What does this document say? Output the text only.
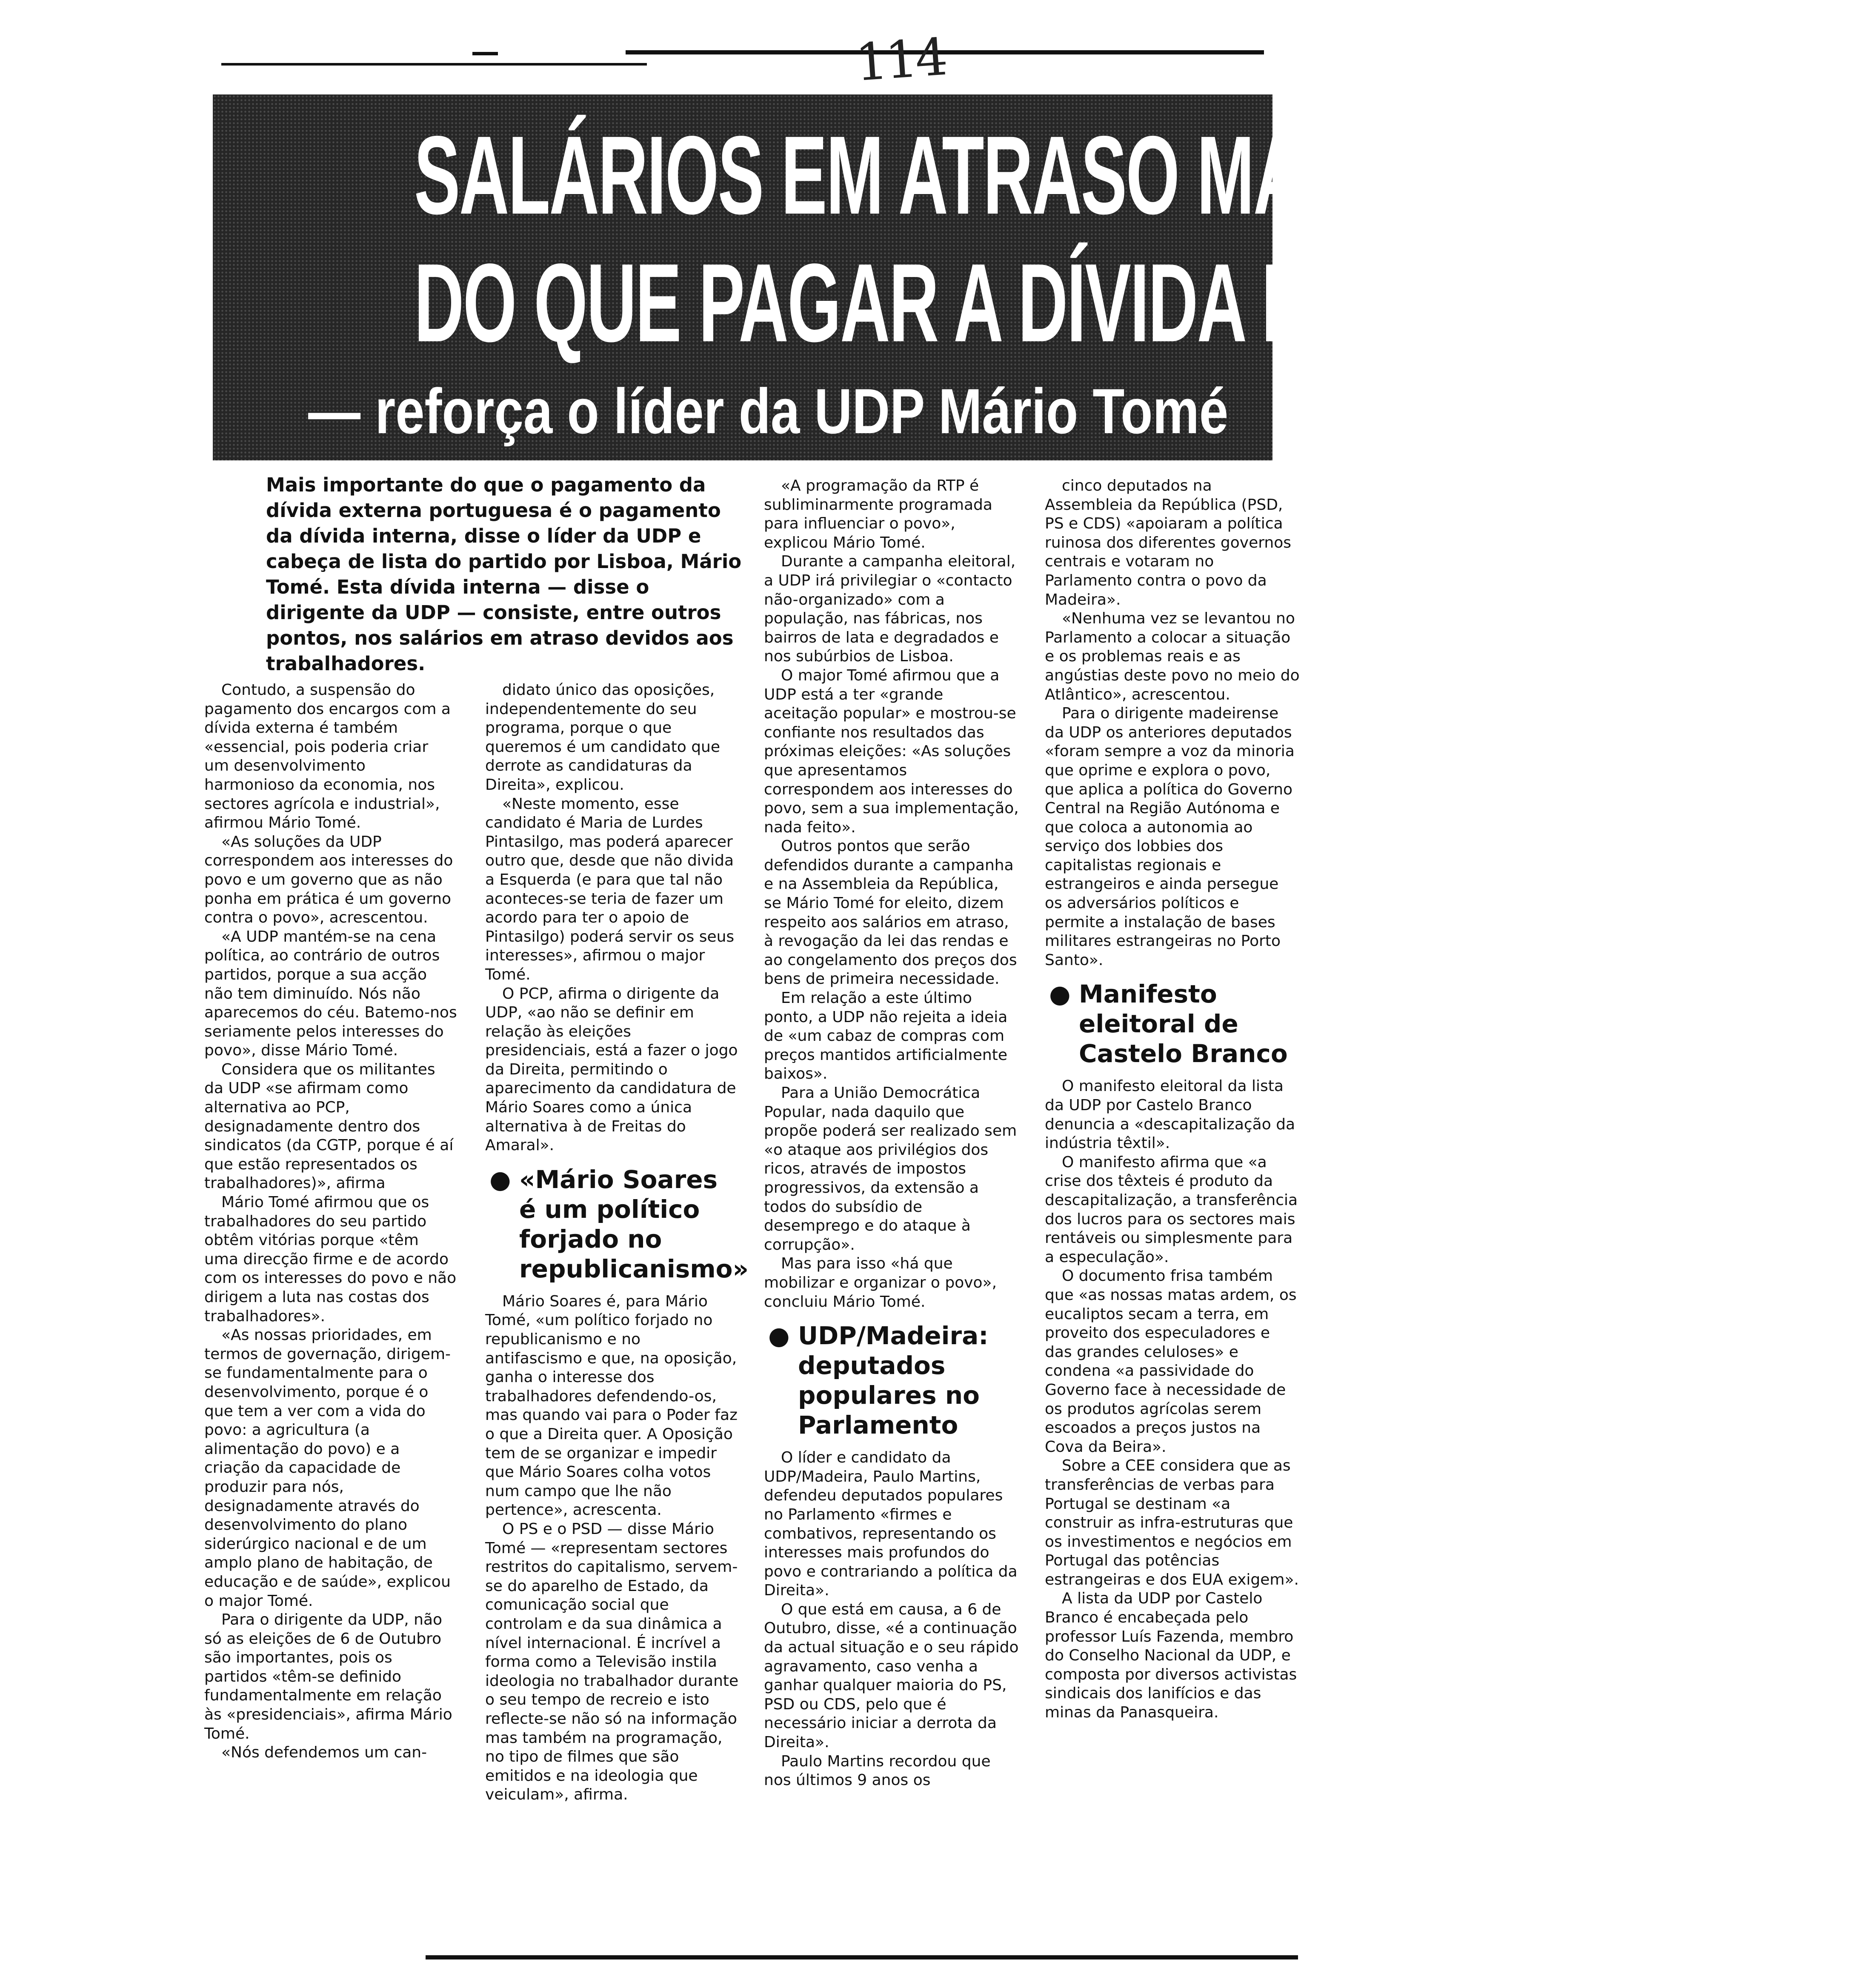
114
SALÁRIOS EM ATRASO MAIS IMPORTANTES
DO QUE PAGAR A DÍVIDA EXTERNA
— reforça o líder da UDP Mário Tomé
Mais importante do que o pagamento da dívida externa portuguesa é o pagamento da dívida interna, disse o líder da UDP e cabeça de lista do partido por Lisboa, Mário Tomé. Esta dívida interna — disse o dirigente da UDP — consiste, entre outros pontos, nos salários em atraso devidos aos trabalhadores.

Contudo, a suspensão do pagamento dos encargos com a dívida externa é também «essencial, pois poderia criar um desenvolvimento harmonioso da economia, nos sectores agrícola e industrial», afirmou Mário Tomé.

«As soluções da UDP correspondem aos interesses do povo e um governo que as não ponha em prática é um governo contra o povo», acrescentou.

«A UDP mantém-se na cena política, ao contrário de outros partidos, porque a sua acção não tem diminuído. Nós não aparecemos do céu. Batemo-nos seriamente pelos interesses do povo», disse Mário Tomé.

Considera que os militantes da UDP «se afirmam como alternativa ao PCP, designadamente dentro dos sindicatos (da CGTP, porque é aí que estão representados os trabalhadores)», afirma

Mário Tomé afirmou que os trabalhadores do seu partido obtêm vitórias porque «têm uma direcção firme e de acordo com os interesses do povo e não dirigem a luta nas costas dos trabalhadores».

«As nossas prioridades, em termos de governação, dirigem-se fundamentalmente para o desenvolvimento, porque é o que tem a ver com a vida do povo: a agricultura (a alimentação do povo) e a criação da capacidade de produzir para nós, designadamente através do desenvolvimento do plano siderúrgico nacional e de um amplo plano de habitação, de educação e de saúde», explicou o major Tomé.

Para o dirigente da UDP, não só as eleições de 6 de Outubro são importantes, pois os partidos «têm-se definido fundamentalmente em relação às «presidenciais», afirma Mário Tomé.

«Nós defendemos um can-

didato único das oposições, independentemente do seu programa, porque o que queremos é um candidato que derrote as candidaturas da Direita», explicou.

«Neste momento, esse candidato é Maria de Lurdes Pintasilgo, mas poderá aparecer outro que, desde que não divida a Esquerda (e para que tal não aconteces-se teria de fazer um acordo para ter o apoio de Pintasilgo) poderá servir os seus interesses», afirmou o major Tomé.

O PCP, afirma o dirigente da UDP, «ao não se definir em relação às eleições presidenciais, está a fazer o jogo da Direita, permitindo o aparecimento da candidatura de Mário Soares como a única alternativa à de Freitas do Amaral».

● «Mário Soares é um político forjado no republicanismo»

Mário Soares é, para Mário Tomé, «um político forjado no republicanismo e no antifascismo e que, na oposição, ganha o interesse dos trabalhadores defendendo-os, mas quando vai para o Poder faz o que a Direita quer. A Oposição tem de se organizar e impedir que Mário Soares colha votos num campo que lhe não pertence», acrescenta.

O PS e o PSD — disse Mário Tomé — «representam sectores restritos do capitalismo, servem-se do aparelho de Estado, da comunicação social que controlam e da sua dinâmica a nível internacional. É incrível a forma como a Televisão instila ideologia no trabalhador durante o seu tempo de recreio e isto reflecte-se não só na informação mas também na programação, no tipo de filmes que são emitidos e na ideologia que veiculam», afirma.

«A programação da RTP é subliminarmente programada para influenciar o povo», explicou Mário Tomé.

Durante a campanha eleitoral, a UDP irá privilegiar o «contacto não-organizado» com a população, nas fábricas, nos bairros de lata e degradados e nos subúrbios de Lisboa.

O major Tomé afirmou que a UDP está a ter «grande aceitação popular» e mostrou-se confiante nos resultados das próximas eleições: «As soluções que apresentamos correspondem aos interesses do povo, sem a sua implementação, nada feito».

Outros pontos que serão defendidos durante a campanha e na Assembleia da República, se Mário Tomé for eleito, dizem respeito aos salários em atraso, à revogação da lei das rendas e ao congelamento dos preços dos bens de primeira necessidade.

Em relação a este último ponto, a UDP não rejeita a ideia de «um cabaz de compras com preços mantidos artificialmente baixos».

Para a União Democrática Popular, nada daquilo que propõe poderá ser realizado sem «o ataque aos privilégios dos ricos, através de impostos progressivos, da extensão a todos do subsídio de desemprego e do ataque à corrupção».

Mas para isso «há que mobilizar e organizar o povo», concluiu Mário Tomé.

● UDP/Madeira: deputados populares no Parlamento

O líder e candidato da UDP/Madeira, Paulo Martins, defendeu deputados populares no Parlamento «firmes e combativos, representando os interesses mais profundos do povo e contrariando a política da Direita».

O que está em causa, a 6 de Outubro, disse, «é a continuação da actual situação e o seu rápido agravamento, caso venha a ganhar qualquer maioria do PS, PSD ou CDS, pelo que é necessário iniciar a derrota da Direita».

Paulo Martins recordou que nos últimos 9 anos os

cinco deputados na Assembleia da República (PSD, PS e CDS) «apoiaram a política ruinosa dos diferentes governos centrais e votaram no Parlamento contra o povo da Madeira».

«Nenhuma vez se levantou no Parlamento a colocar a situação e os problemas reais e as angústias deste povo no meio do Atlântico», acrescentou.

Para o dirigente madeirense da UDP os anteriores deputados «foram sempre a voz da minoria que oprime e explora o povo, que aplica a política do Governo Central na Região Autónoma e que coloca a autonomia ao serviço dos lobbies dos capitalistas regionais e estrangeiros e ainda persegue os adversários políticos e permite a instalação de bases militares estrangeiras no Porto Santo».

● Manifesto eleitoral de Castelo Branco

O manifesto eleitoral da lista da UDP por Castelo Branco denuncia a «descapitalização da indústria têxtil».

O manifesto afirma que «a crise dos têxteis é produto da descapitalização, a transferência dos lucros para os sectores mais rentáveis ou simplesmente para a especulação».

O documento frisa também que «as nossas matas ardem, os eucaliptos secam a terra, em proveito dos especuladores e das grandes celuloses» e condena «a passividade do Governo face à necessidade de os produtos agrícolas serem escoados a preços justos na Cova da Beira».

Sobre a CEE considera que as transferências de verbas para Portugal se destinam «a construir as infra-estruturas que os investimentos e negócios em Portugal das potências estrangeiras e dos EUA exigem».

A lista da UDP por Castelo Branco é encabeçada pelo professor Luís Fazenda, membro do Conselho Nacional da UDP, e composta por diversos activistas sindicais dos lanifícios e das minas da Panasqueira.
